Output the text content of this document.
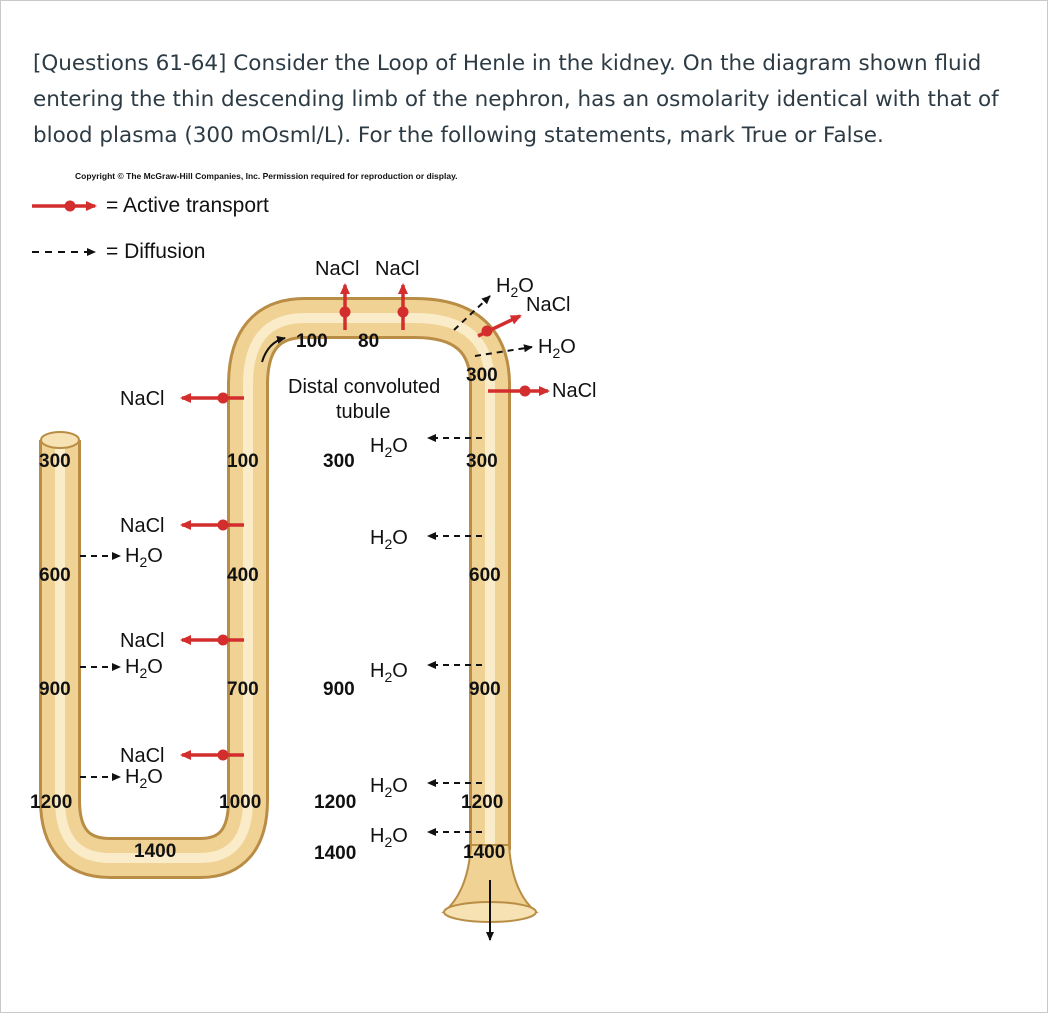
[Questions 61-64] Consider the Loop of Henle in the kidney. On the diagram shown fluid entering the thin descending limb of the nephron, has an osmolarity identical with that of blood plasma (300 mOsml/L). For the following statements, mark True or False.
Copyright © The McGraw-Hill Companies, Inc. Permission required for reproduction or display.
= Active transport
= Diffusion
300
600
900
1200
100
400
700
1000
1400
100 80
Distal convoluted
tubule
300
900
1200
1400
300
300
600
900
1200
1400
NaCl
NaCl
NaCl
NaCl
$H_2O$
$H_2O$
$H_2O$
NaCl NaCl
$H_2O$
NaCl
$H_2O$
NaCl
$H_2O$
$H_2O$
$H_2O$
$H_2O$
$H_2O$
